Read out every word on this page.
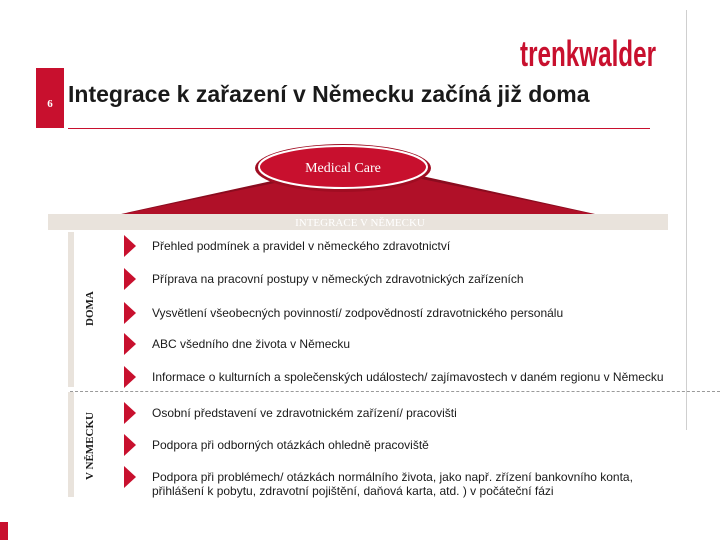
trenkwalder
6 Integrace k zařazení v Německu začíná již doma
Medical Care
INTEGRACE V NĚMECKU
DOMA
V NĚMECKU
Přehled podmínek a pravidel v německého zdravotnictví
Příprava na pracovní postupy v německých zdravotnických zařízeních
Vysvětlení všeobecných povinností/ zodpovědností zdravotnického personálu
ABC všedního dne života v Německu
Informace o kulturních a společenských událostech/ zajímavostech v daném regionu v Německu
Osobní představení ve zdravotnickém zařízení/ pracovišti
Podpora při odborných otázkách ohledně pracoviště
Podpora při problémech/ otázkách normálního života, jako např. zřízení bankovního konta, přihlášení k pobytu, zdravotní pojištění, daňová karta, atd. ) v počáteční fázi
